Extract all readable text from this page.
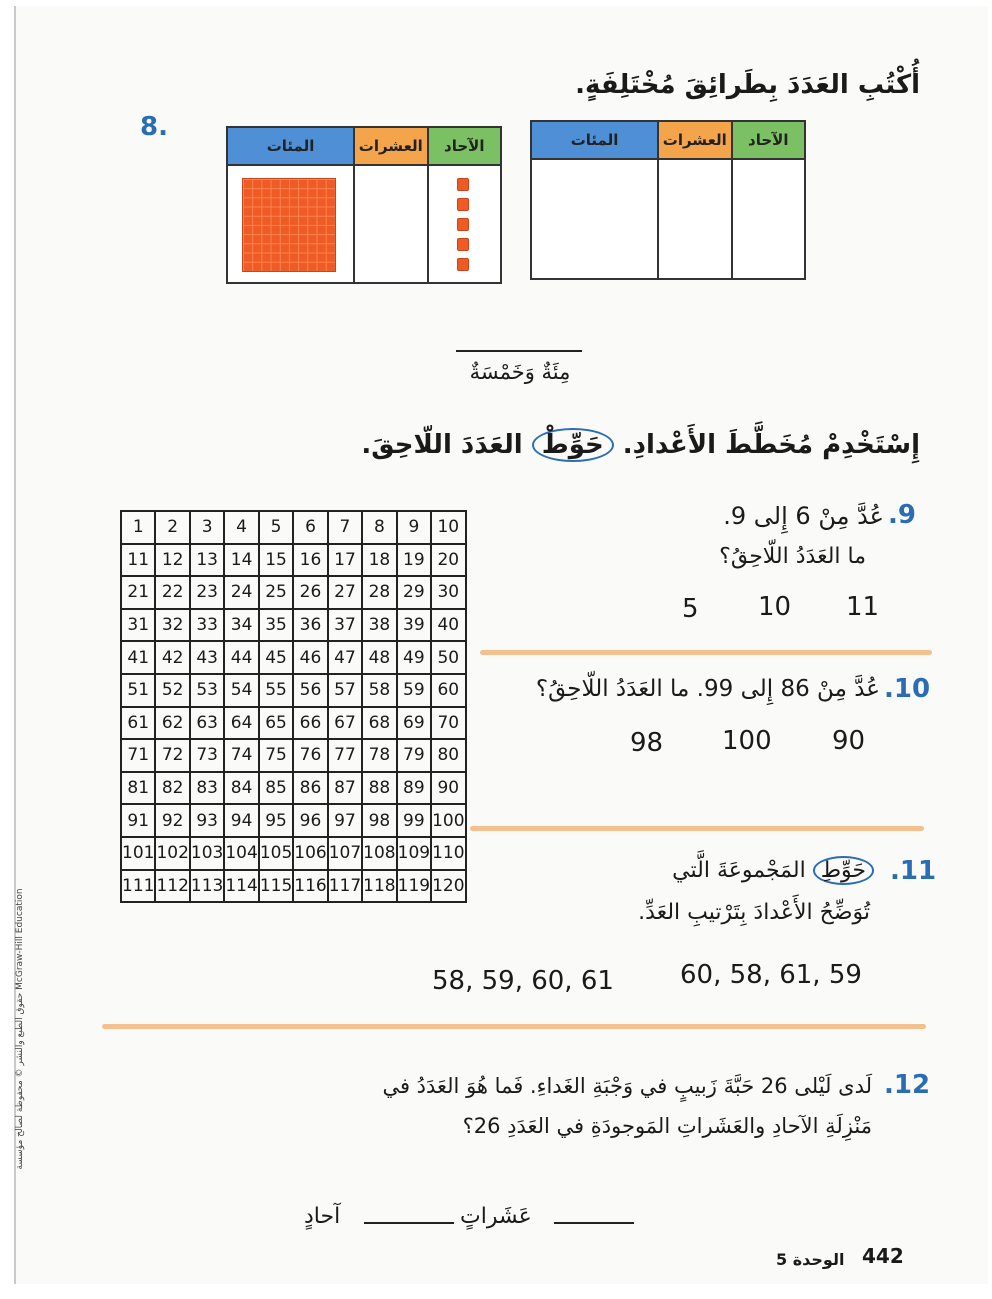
أُكْتُبِ العَدَدَ بِطَرائِقَ مُخْتَلِفَةٍ.
8.
المئات	العشرات	الآحاد	المئات	العشرات	الآحاد
مِئَةٌ وَخَمْسَةٌ
إِسْتَخْدِمْ مُخَطَّطَ الأَعْدادِ. حَوِّطْ العَدَدَ اللّاحِقَ.
1	2	3	4	5	6	7	8	9	10
11	12	13	14	15	16	17	18	19	20
21	22	23	24	25	26	27	28	29	30
31	32	33	34	35	36	37	38	39	40
41	42	43	44	45	46	47	48	49	50
51	52	53	54	55	56	57	58	59	60
61	62	63	64	65	66	67	68	69	70
71	72	73	74	75	76	77	78	79	80
81	82	83	84	85	86	87	88	89	90
91	92	93	94	95	96	97	98	99	100
101	102	103	104	105	106	107	108	109	110
111	112	113	114	115	116	117	118	119	120
.9
عُدَّ مِنْ 6 إِلى 9.
ما العَدَدُ اللّاحِقُ؟
5 10 11
.10
عُدَّ مِنْ 86 إِلى 99. ما العَدَدُ اللّاحِقُ؟
98 100 90
.11
حَوِّطِ المَجْموعَةَ الَّتي
تُوَضِّحُ الأَعْدادَ بِتَرْتيبِ العَدِّ.
58, 59, 60, 61	60, 58, 61, 59
.12
لَدى لَيْلى 26 حَبَّةَ زَبيبٍ في وَجْبَةِ الغَداءِ. فَما هُوَ العَدَدُ في
مَنْزِلَةِ الآحادِ والعَشَراتِ المَوجودَةِ في العَدَدِ 26؟
عَشَراتٍ
آحادٍ
حقوق الطبع والنشر © محفوظة لصالح مؤسسة McGraw-Hill Education
442
الوحدة 5
